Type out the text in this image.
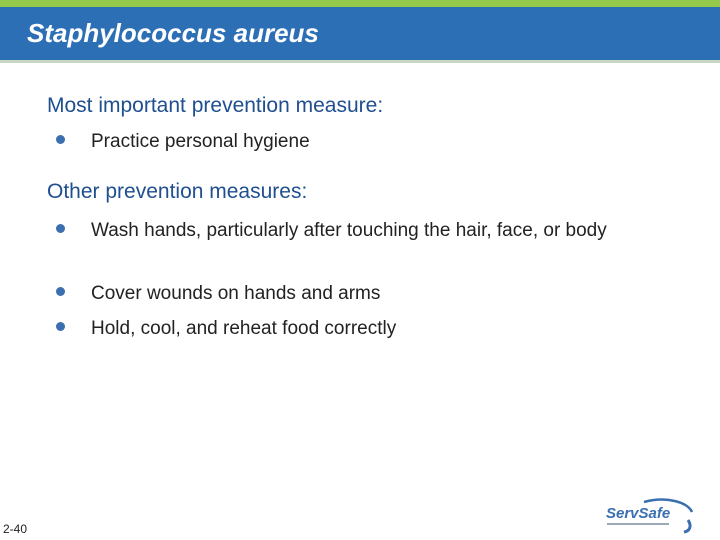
Staphylococcus aureus
Most important prevention measure:
Practice personal hygiene
Other prevention measures:
Wash hands, particularly after touching the hair, face, or body
Cover wounds on hands and arms
Hold, cool, and reheat food correctly
2-40
ServSafe
